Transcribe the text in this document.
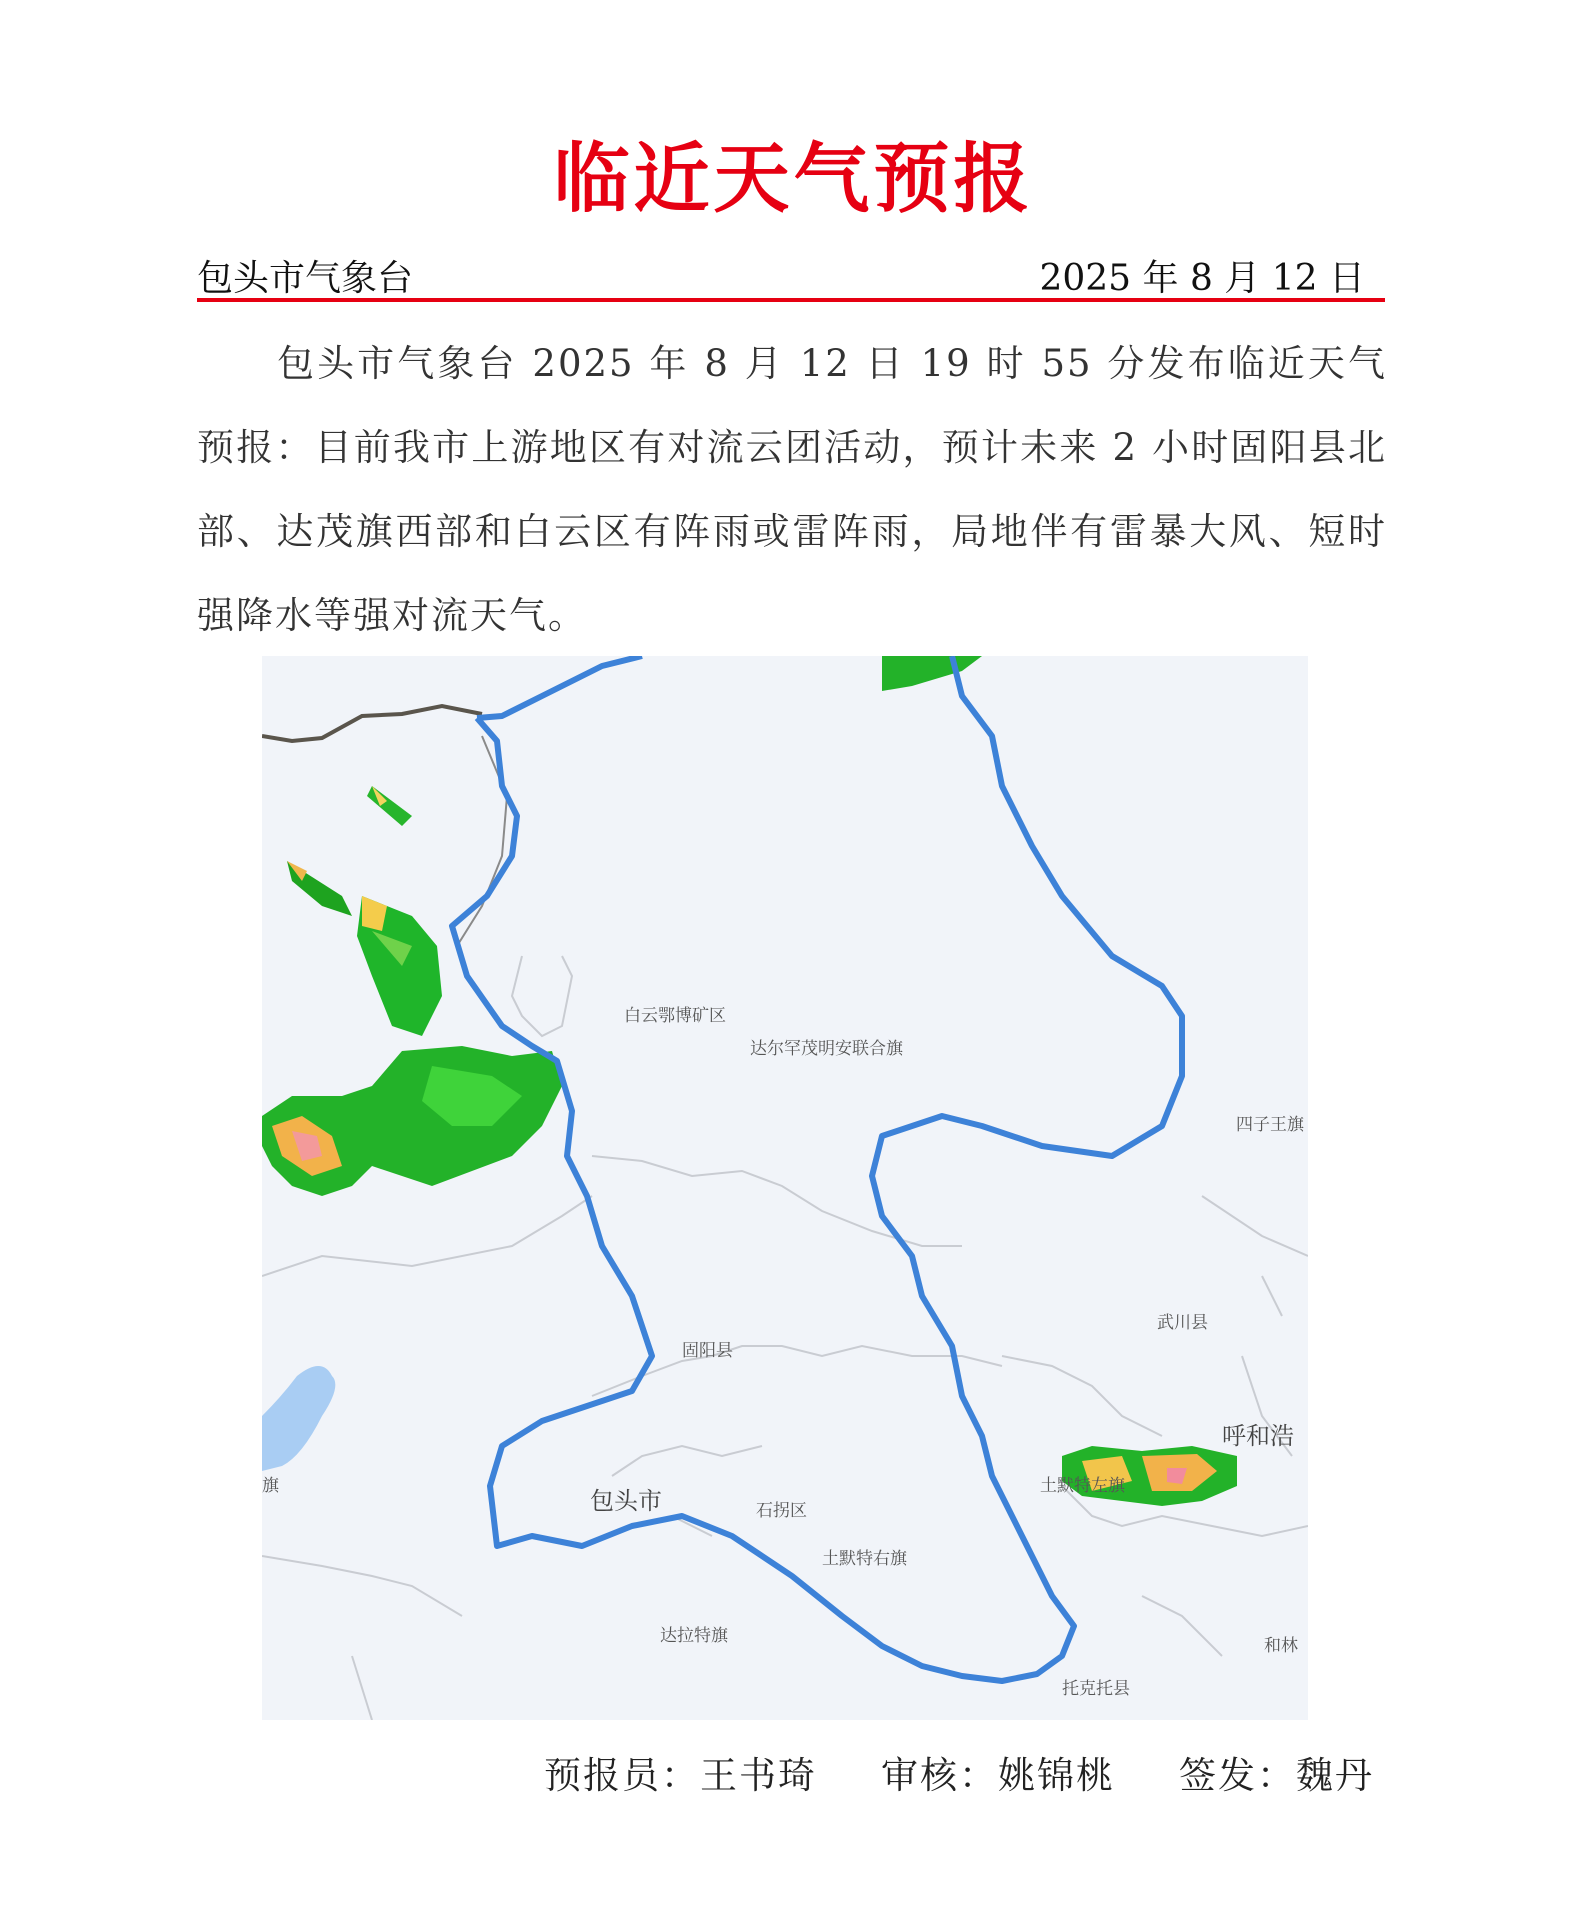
临近天气预报
包头市气象台	2025 年 8 月 12 日
包头市气象台 2025 年 8 月 12 日 19 时 55 分发布临近天气预报：目前我市上游地区有对流云团活动，预计未来 2 小时固阳县北部、达茂旗西部和白云区有阵雨或雷阵雨，局地伴有雷暴大风、短时强降水等强对流天气。
白云鄂博矿区
达尔罕茂明安联合旗
四子王旗
武川县
固阳县
呼和浩
土默特左旗
旗
包头市	石拐区
土默特右旗
达拉特旗	和林
托克托县
预报员：王书琦 审核：姚锦桃 签发：魏丹
